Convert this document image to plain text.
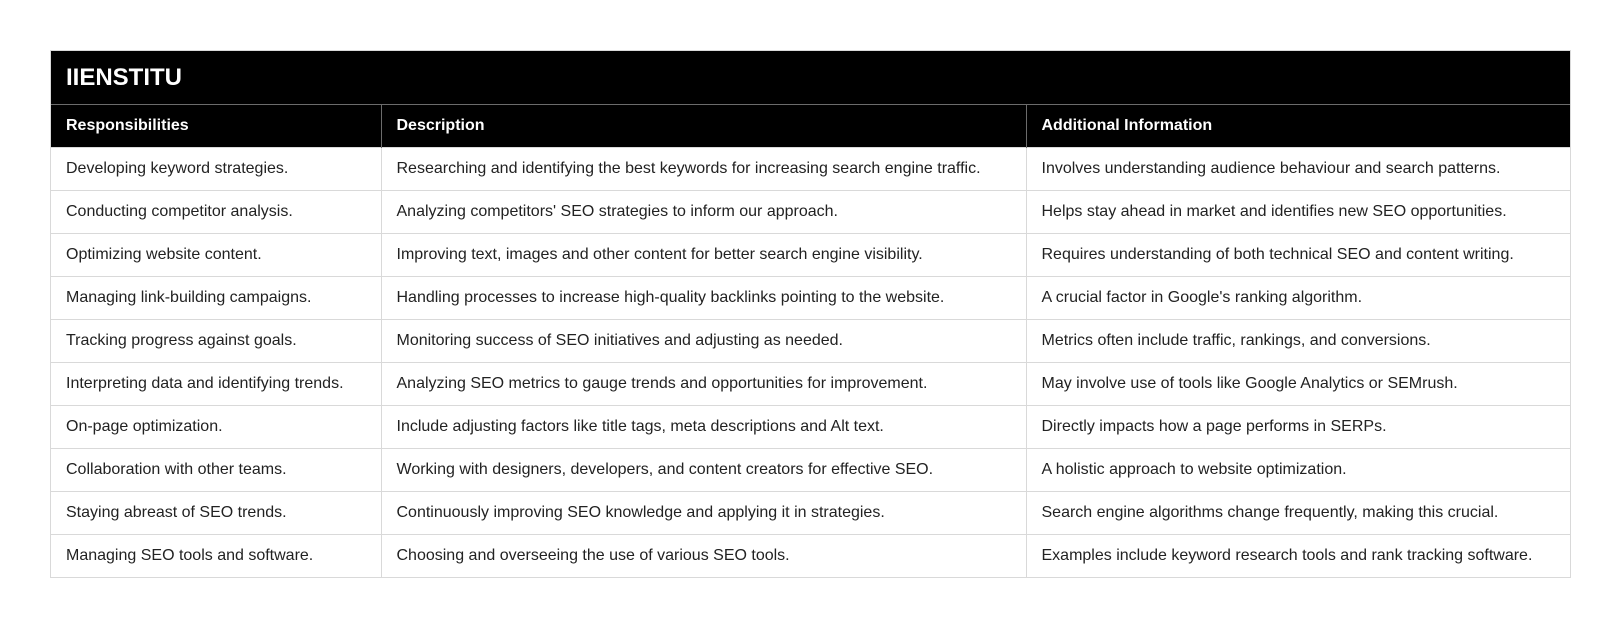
IIENSTITU
Responsibilities	Description	Additional Information
Developing keyword strategies.	Researching and identifying the best keywords for increasing search engine traffic.	Involves understanding audience behaviour and search patterns.
Conducting competitor analysis.	Analyzing competitors' SEO strategies to inform our approach.	Helps stay ahead in market and identifies new SEO opportunities.
Optimizing website content.	Improving text, images and other content for better search engine visibility.	Requires understanding of both technical SEO and content writing.
Managing link-building campaigns.	Handling processes to increase high-quality backlinks pointing to the website.	A crucial factor in Google's ranking algorithm.
Tracking progress against goals.	Monitoring success of SEO initiatives and adjusting as needed.	Metrics often include traffic, rankings, and conversions.
Interpreting data and identifying trends.	Analyzing SEO metrics to gauge trends and opportunities for improvement.	May involve use of tools like Google Analytics or SEMrush.
On-page optimization.	Include adjusting factors like title tags, meta descriptions and Alt text.	Directly impacts how a page performs in SERPs.
Collaboration with other teams.	Working with designers, developers, and content creators for effective SEO.	A holistic approach to website optimization.
Staying abreast of SEO trends.	Continuously improving SEO knowledge and applying it in strategies.	Search engine algorithms change frequently, making this crucial.
Managing SEO tools and software.	Choosing and overseeing the use of various SEO tools.	Examples include keyword research tools and rank tracking software.
